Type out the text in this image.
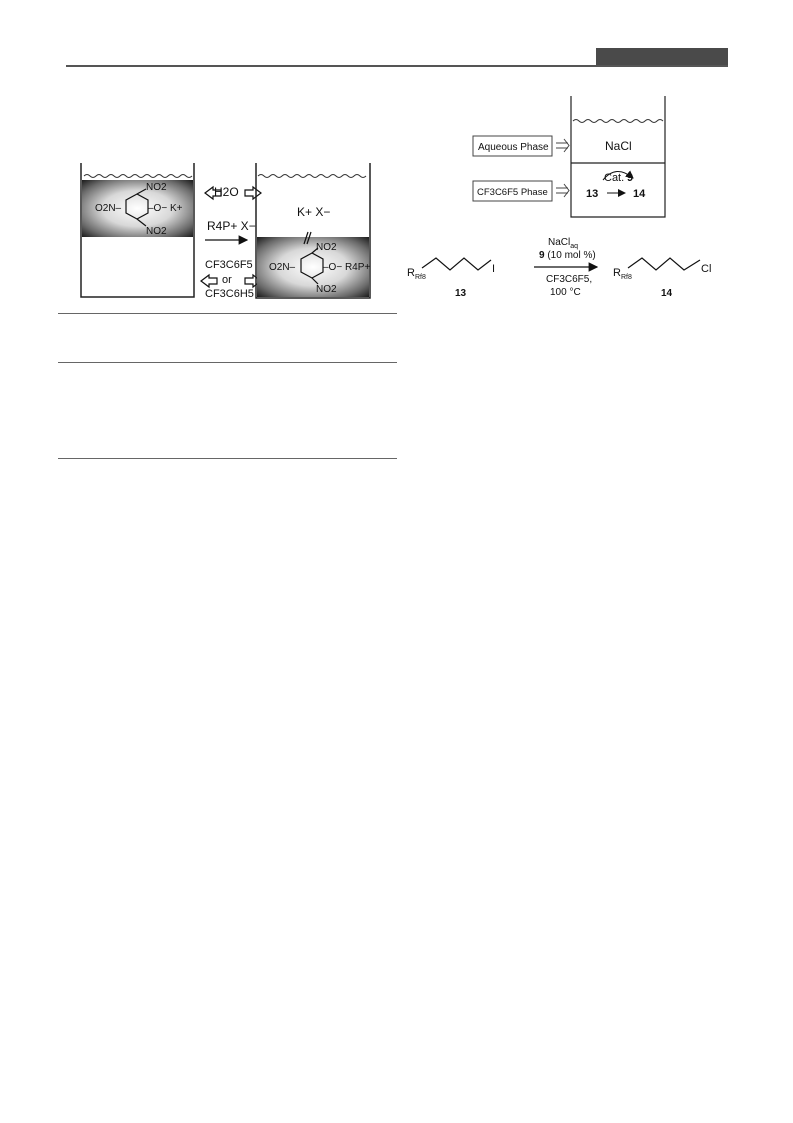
NO2
NO2
O2N–	–O− K+
H2O
R4P+ X−
CF3C6F5
or
CF3C6H5
K+ X−
NO2
NO2
O2N–	–O− R4P+
Aqueous Phase
CF3C6F5 Phase
NaCl
Cat. 9
13	14
$R_{Rf8}$
I
13
NaCl$_{aq}$
9 (10 mol %)
CF3C6F5,
100 °C
$R_{Rf8}$
Cl
14
